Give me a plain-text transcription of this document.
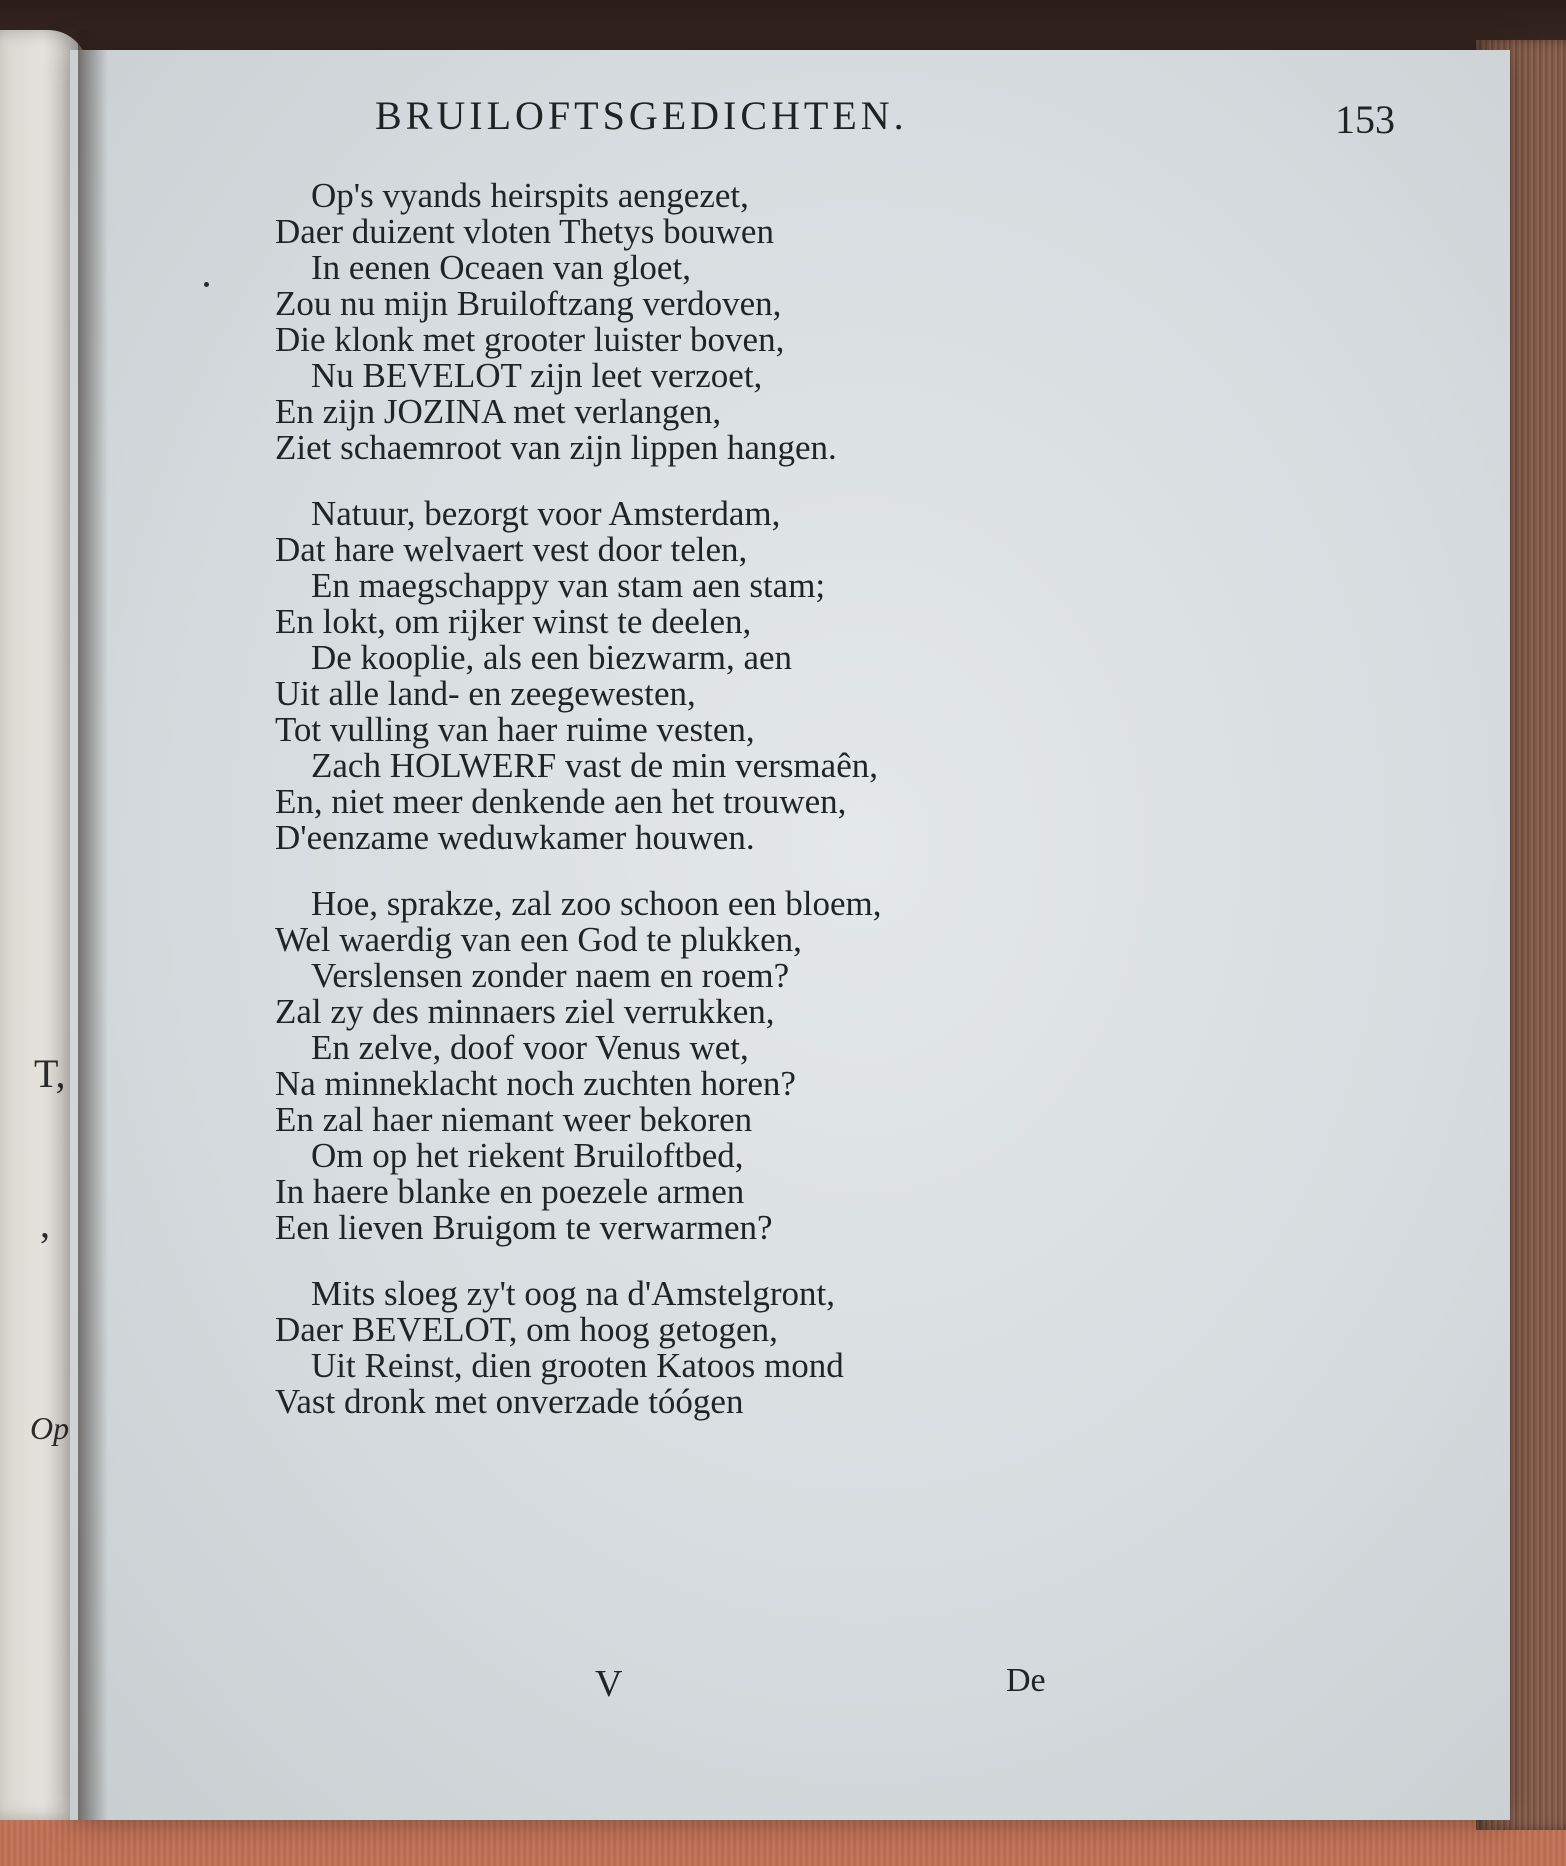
T,
,
Op
BRUILOFTSGEDICHTEN.	153
Op's vyands heirspits aengezet,
Daer duizent vloten Thetys bouwen
In eenen Oceaen van gloet,
Zou nu mijn Bruiloftzang verdoven,
Die klonk met grooter luister boven,
Nu BEVELOT zijn leet verzoet,
En zijn JOZINA met verlangen,
Ziet schaemroot van zijn lippen hangen.
Natuur, bezorgt voor Amsterdam,
Dat hare welvaert vest door telen,
En maegschappy van stam aen stam;
En lokt, om rijker winst te deelen,
De kooplie, als een biezwarm, aen
Uit alle land- en zeegewesten,
Tot vulling van haer ruime vesten,
Zach HOLWERF vast de min versmaên,
En, niet meer denkende aen het trouwen,
D'eenzame weduwkamer houwen.
Hoe, sprakze, zal zoo schoon een bloem,
Wel waerdig van een God te plukken,
Verslensen zonder naem en roem?
Zal zy des minnaers ziel verrukken,
En zelve, doof voor Venus wet,
Na minneklacht noch zuchten horen?
En zal haer niemant weer bekoren
Om op het riekent Bruiloftbed,
In haere blanke en poezele armen
Een lieven Bruigom te verwarmen?
Mits sloeg zy't oog na d'Amstelgront,
Daer BEVELOT, om hoog getogen,
Uit Reinst, dien grooten Katoos mond
Vast dronk met onverzade tóógen
V	De
